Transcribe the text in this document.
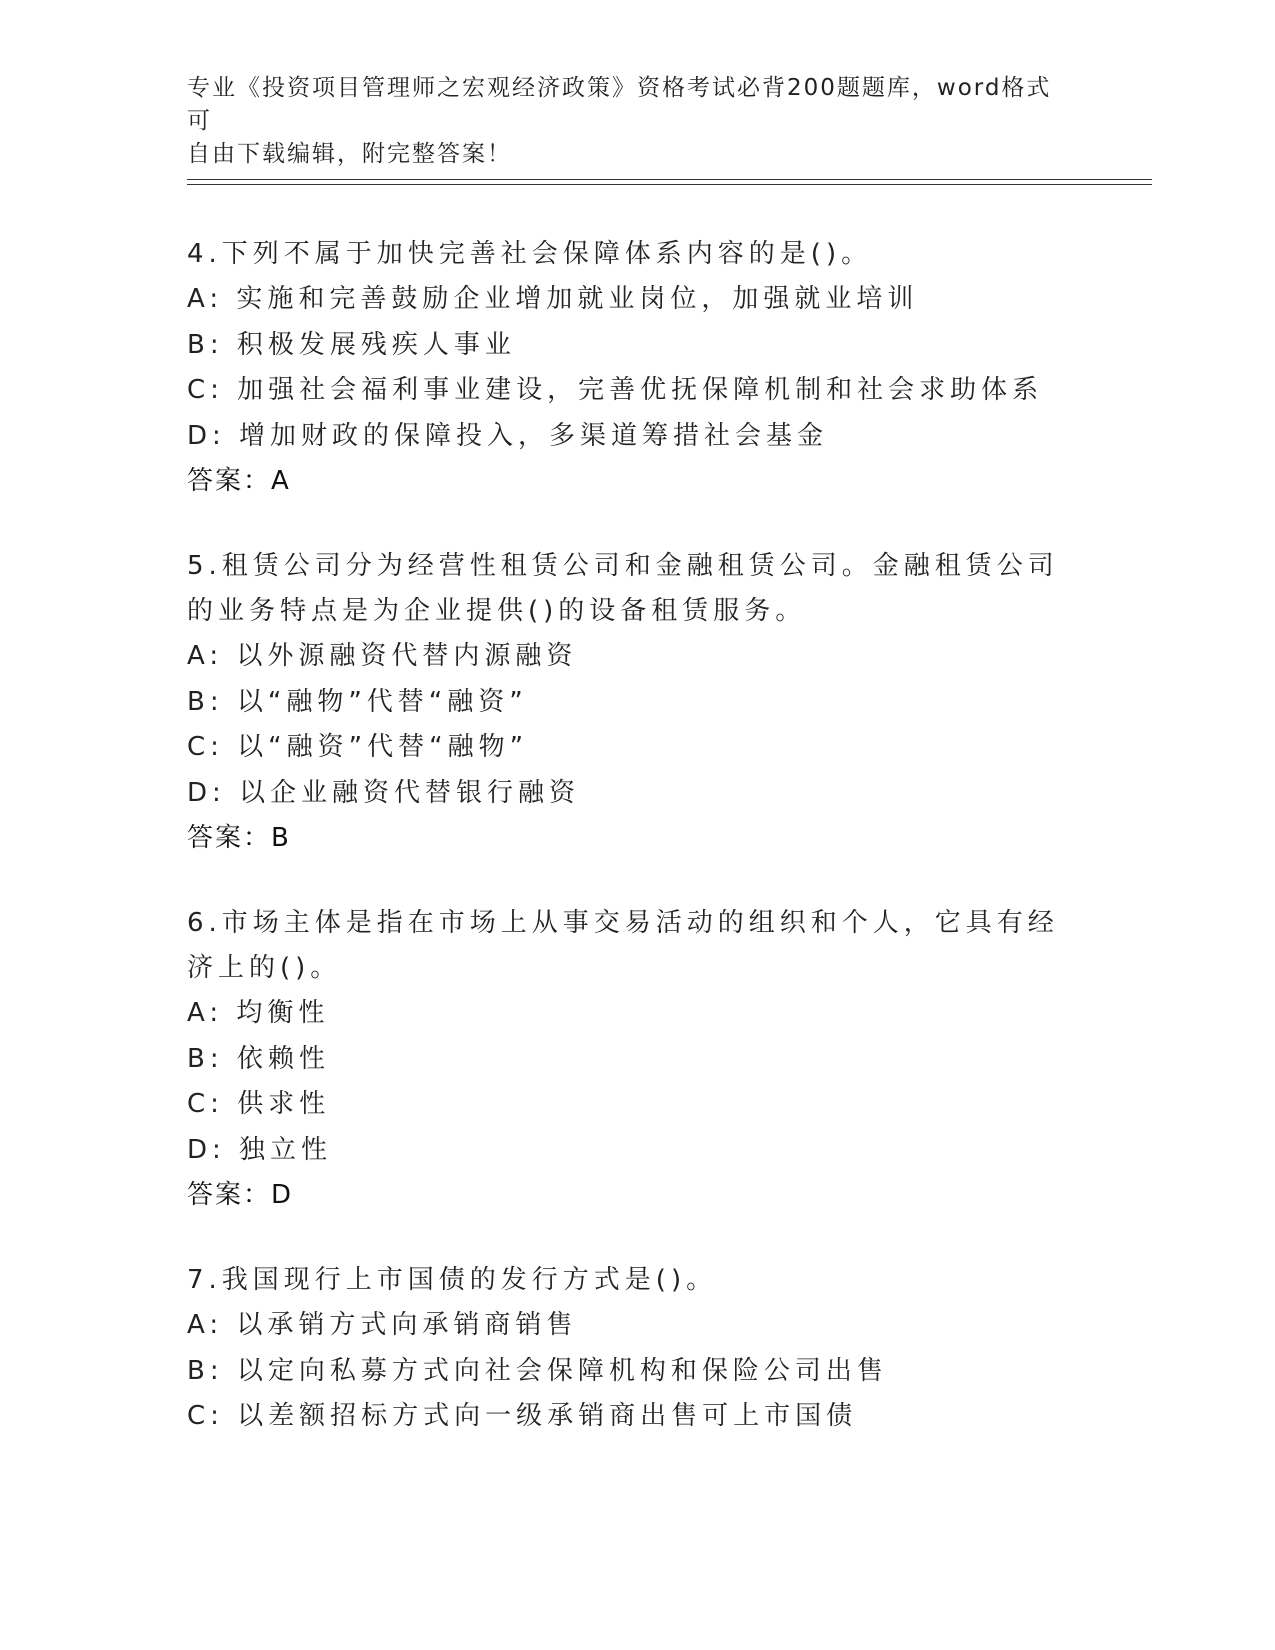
专业《投资项目管理师之宏观经济政策》资格考试必背200题题库，word格式可
自由下载编辑，附完整答案！
4.下列不属于加快完善社会保障体系内容的是()。
A: 实施和完善鼓励企业增加就业岗位，加强就业培训
B: 积极发展残疾人事业
C: 加强社会福利事业建设，完善优抚保障机制和社会求助体系
D: 增加财政的保障投入，多渠道筹措社会基金
答案：A
5.租赁公司分为经营性租赁公司和金融租赁公司。金融租赁公司的业务特点是为企业提供()的设备租赁服务。
A: 以外源融资代替内源融资
B: 以“融物”代替“融资”
C: 以“融资”代替“融物”
D: 以企业融资代替银行融资
答案：B
6.市场主体是指在市场上从事交易活动的组织和个人，它具有经济上的()。
A: 均衡性
B: 依赖性
C: 供求性
D: 独立性
答案：D
7.我国现行上市国债的发行方式是()。
A: 以承销方式向承销商销售
B: 以定向私募方式向社会保障机构和保险公司出售
C: 以差额招标方式向一级承销商出售可上市国债
